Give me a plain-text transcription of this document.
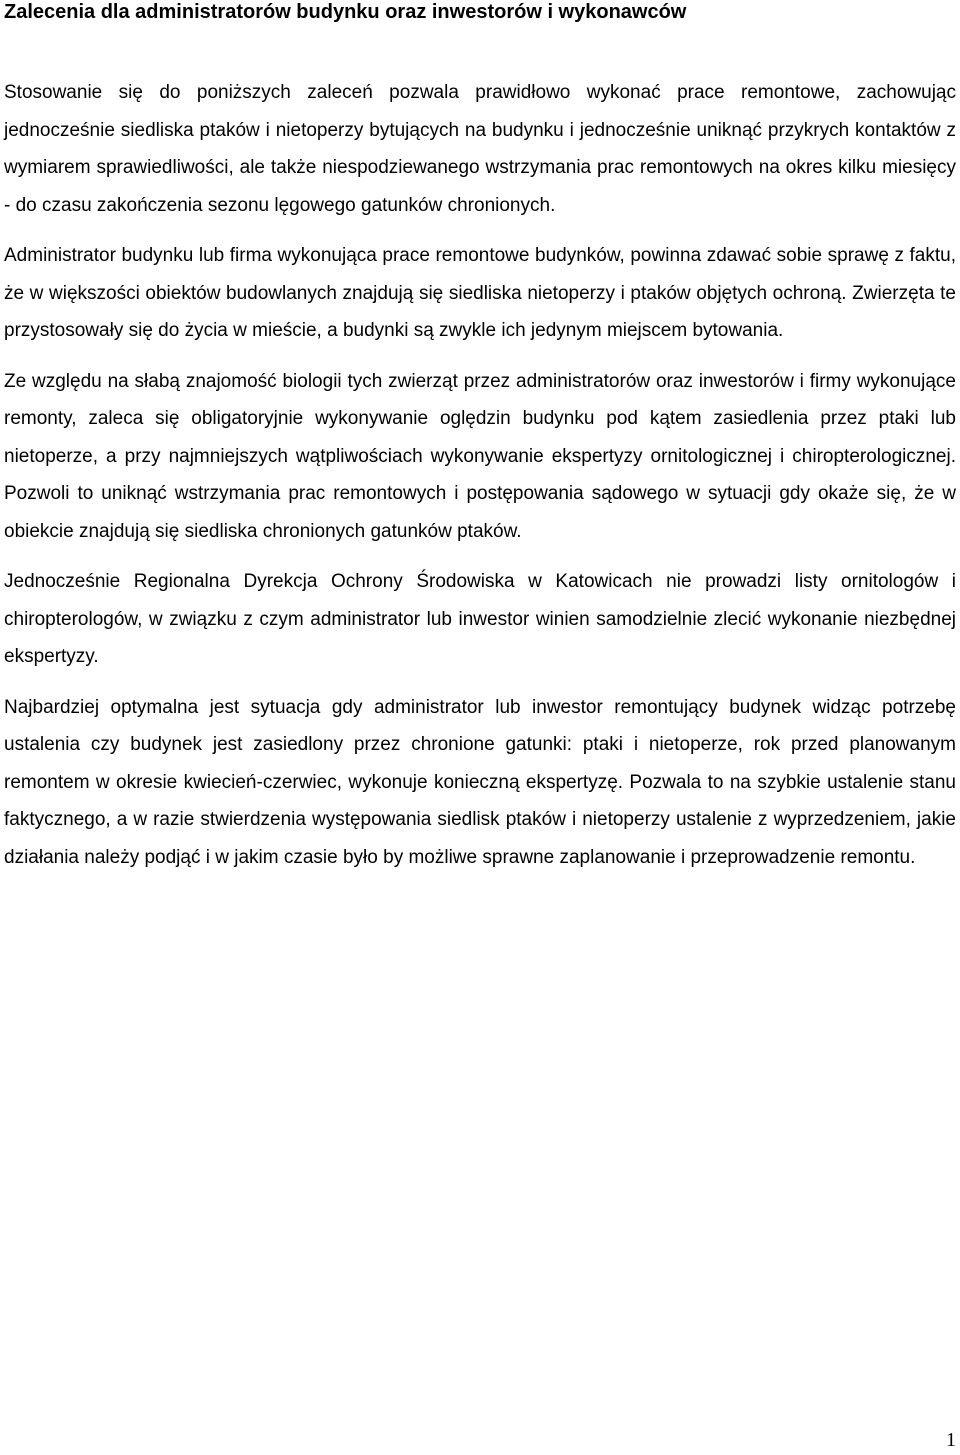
Zalecenia dla administratorów budynku oraz inwestorów i wykonawców

Stosowanie się do poniższych zaleceń pozwala prawidłowo wykonać prace remontowe, zachowując jednocześnie siedliska ptaków i nietoperzy bytujących na budynku i jednocześnie uniknąć przykrych kontaktów z wymiarem sprawiedliwości, ale także niespodziewanego wstrzymania prac remontowych na okres kilku miesięcy - do czasu zakończenia sezonu lęgowego gatunków chronionych.

Administrator budynku lub firma wykonująca prace remontowe budynków, powinna zdawać sobie sprawę z faktu, że w większości obiektów budowlanych znajdują się siedliska nietoperzy i ptaków objętych ochroną. Zwierzęta te przystosowały się do życia w mieście, a budynki są zwykle ich jedynym miejscem bytowania.

Ze względu na słabą znajomość biologii tych zwierząt przez administratorów oraz inwestorów i firmy wykonujące remonty, zaleca się obligatoryjnie wykonywanie oględzin budynku pod kątem zasiedlenia przez ptaki lub nietoperze, a przy najmniejszych wątpliwościach wykonywanie ekspertyzy ornitologicznej i chiropterologicznej. Pozwoli to uniknąć wstrzymania prac remontowych i postępowania sądowego w sytuacji gdy okaże się, że w obiekcie znajdują się siedliska chronionych gatunków ptaków.

Jednocześnie Regionalna Dyrekcja Ochrony Środowiska w Katowicach nie prowadzi listy ornitologów i chiropterologów, w związku z czym administrator lub inwestor winien samodzielnie zlecić wykonanie niezbędnej ekspertyzy.

Najbardziej optymalna jest sytuacja gdy administrator lub inwestor remontujący budynek widząc potrzebę ustalenia czy budynek jest zasiedlony przez chronione gatunki: ptaki i nietoperze, rok przed planowanym remontem w okresie kwiecień-czerwiec, wykonuje konieczną ekspertyzę. Pozwala to na szybkie ustalenie stanu faktycznego, a w razie stwierdzenia występowania siedlisk ptaków i nietoperzy ustalenie z wyprzedzeniem, jakie działania należy podjąć i w jakim czasie było by możliwe sprawne zaplanowanie i przeprowadzenie remontu.

1
